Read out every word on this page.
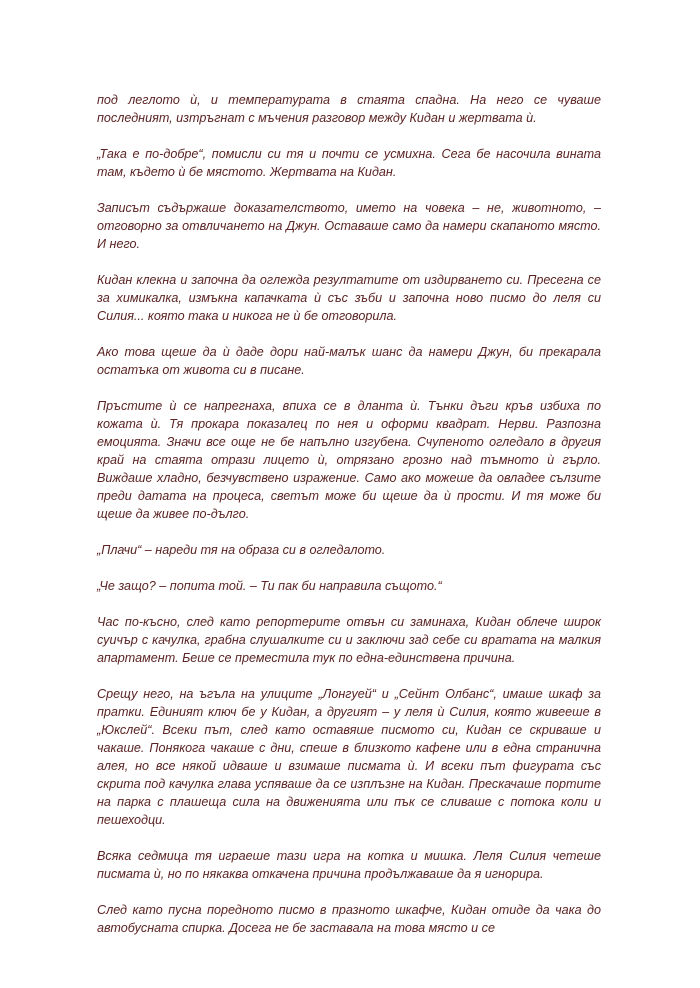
под леглото ѝ, и температурата в стаята спадна. На него се чуваше последният, изтръгнат с мъчения разговор между Кидан и жертвата ѝ.

„Така е по-добре“, помисли си тя и почти се усмихна. Сега бе насочила вината там, където ѝ бе мястото. Жертвата на Кидан.

Записът съдържаше доказателството, името на човека – не, животното, – отговорно за отвличането на Джун. Оставаше само да намери скапаното място. И него.

Кидан клекна и започна да оглежда резултатите от издирването си. Пресегна се за химикалка, измъкна капачката ѝ със зъби и започна ново писмо до леля си Силия... която така и никога не ѝ бе отговорила.

Ако това щеше да ѝ даде дори най-малък шанс да намери Джун, би прекарала остатъка от живота си в писане.

Пръстите ѝ се напрегнаха, впиха се в дланта ѝ. Тънки дъги кръв избиха по кожата ѝ. Тя прокара показалец по нея и оформи квадрат. Нерви. Разпозна емоцията. Значи все още не бе напълно изгубена. Счупеното огледало в другия край на стаята отрази лицето ѝ, отрязано грозно над тъмното ѝ гърло. Виждаше хладно, безчувствено изражение. Само ако можеше да овладее сълзите преди датата на процеса, светът може би щеше да ѝ прости. И тя може би щеше да живее по-дълго.

„Плачи“ – нареди тя на образа си в огледалото.

„Че защо? – попита той. – Ти пак би направила същото.“

Час по-късно, след като репортерите отвън си заминаха, Кидан облече широк суичър с качулка, грабна слушалките си и заключи зад себе си вратата на малкия апартамент. Беше се преместила тук по една-единствена причина.

Срещу него, на ъгъла на улиците „Лонгуей“ и „Сейнт Олбанс“, имаше шкаф за пратки. Единият ключ бе у Кидан, а другият – у леля ѝ Силия, която живееше в „Юкслей“. Всеки път, след като оставяше писмото си, Кидан се скриваше и чакаше. Понякога чакаше с дни, спеше в близкото кафене или в една странична алея, но все някой идваше и взимаше писмата ѝ. И всеки път фигурата със скрита под качулка глава успяваше да се изплъзне на Кидан. Прескачаше портите на парка с плашеща сила на движенията или пък се сливаше с потока коли и пешеходци.

Всяка седмица тя играеше тази игра на котка и мишка. Леля Силия четеше писмата ѝ, но по някаква откачена причина продължаваше да я игнорира.

След като пусна поредното писмо в празното шкафче, Кидан отиде да чака до автобусната спирка. Досега не бе заставала на това място и се
